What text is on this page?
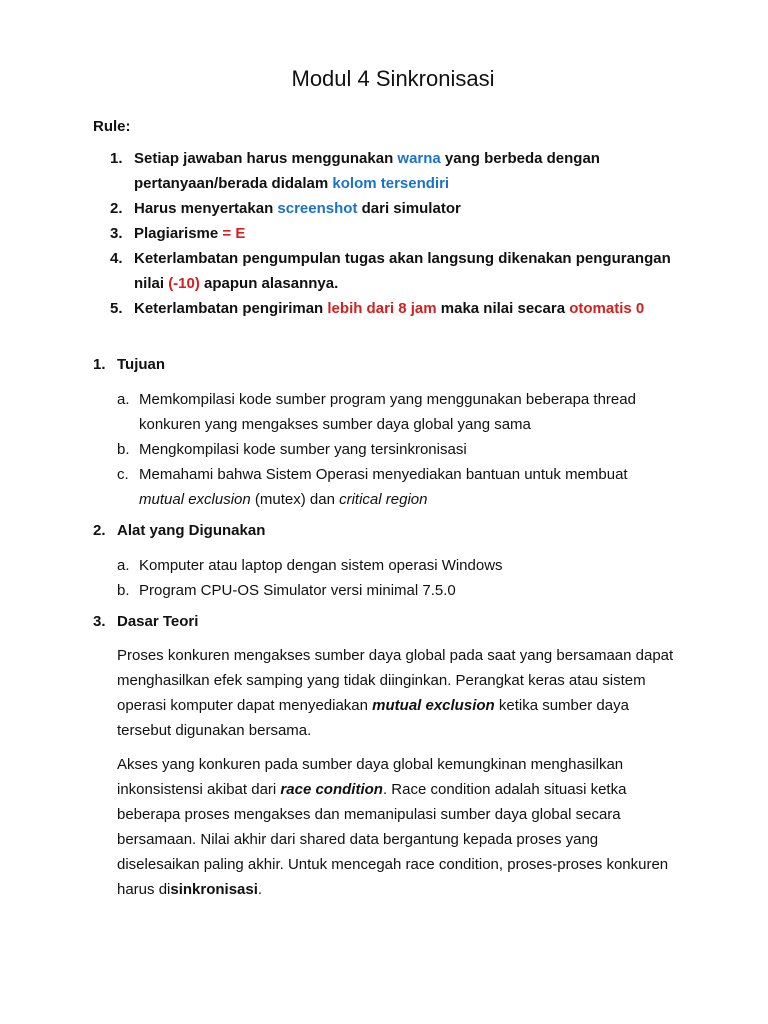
Modul 4 Sinkronisasi
Rule:
1. Setiap jawaban harus menggunakan warna yang berbeda dengan
pertanyaan/berada didalam kolom tersendiri
2. Harus menyertakan screenshot dari simulator
3. Plagiarisme = E
4. Keterlambatan pengumpulan tugas akan langsung dikenakan pengurangan
nilai (-10) apapun alasannya.
5. Keterlambatan pengiriman lebih dari 8 jam maka nilai secara otomatis 0
1. Tujuan
a. Memkompilasi kode sumber program yang menggunakan beberapa thread
konkuren yang mengakses sumber daya global yang sama
b. Mengkompilasi kode sumber yang tersinkronisasi
c. Memahami bahwa Sistem Operasi menyediakan bantuan untuk membuat
mutual exclusion (mutex) dan critical region
2. Alat yang Digunakan
a. Komputer atau laptop dengan sistem operasi Windows
b. Program CPU-OS Simulator versi minimal 7.5.0
3. Dasar Teori
Proses konkuren mengakses sumber daya global pada saat yang bersamaan dapat
menghasilkan efek samping yang tidak diinginkan. Perangkat keras atau sistem
operasi komputer dapat menyediakan mutual exclusion ketika sumber daya
tersebut digunakan bersama.
Akses yang konkuren pada sumber daya global kemungkinan menghasilkan
inkonsistensi akibat dari race condition. Race condition adalah situasi ketka
beberapa proses mengakses dan memanipulasi sumber daya global secara
bersamaan. Nilai akhir dari shared data bergantung kepada proses yang
diselesaikan paling akhir. Untuk mencegah race condition, proses-proses konkuren
harus disinkronisasi.
